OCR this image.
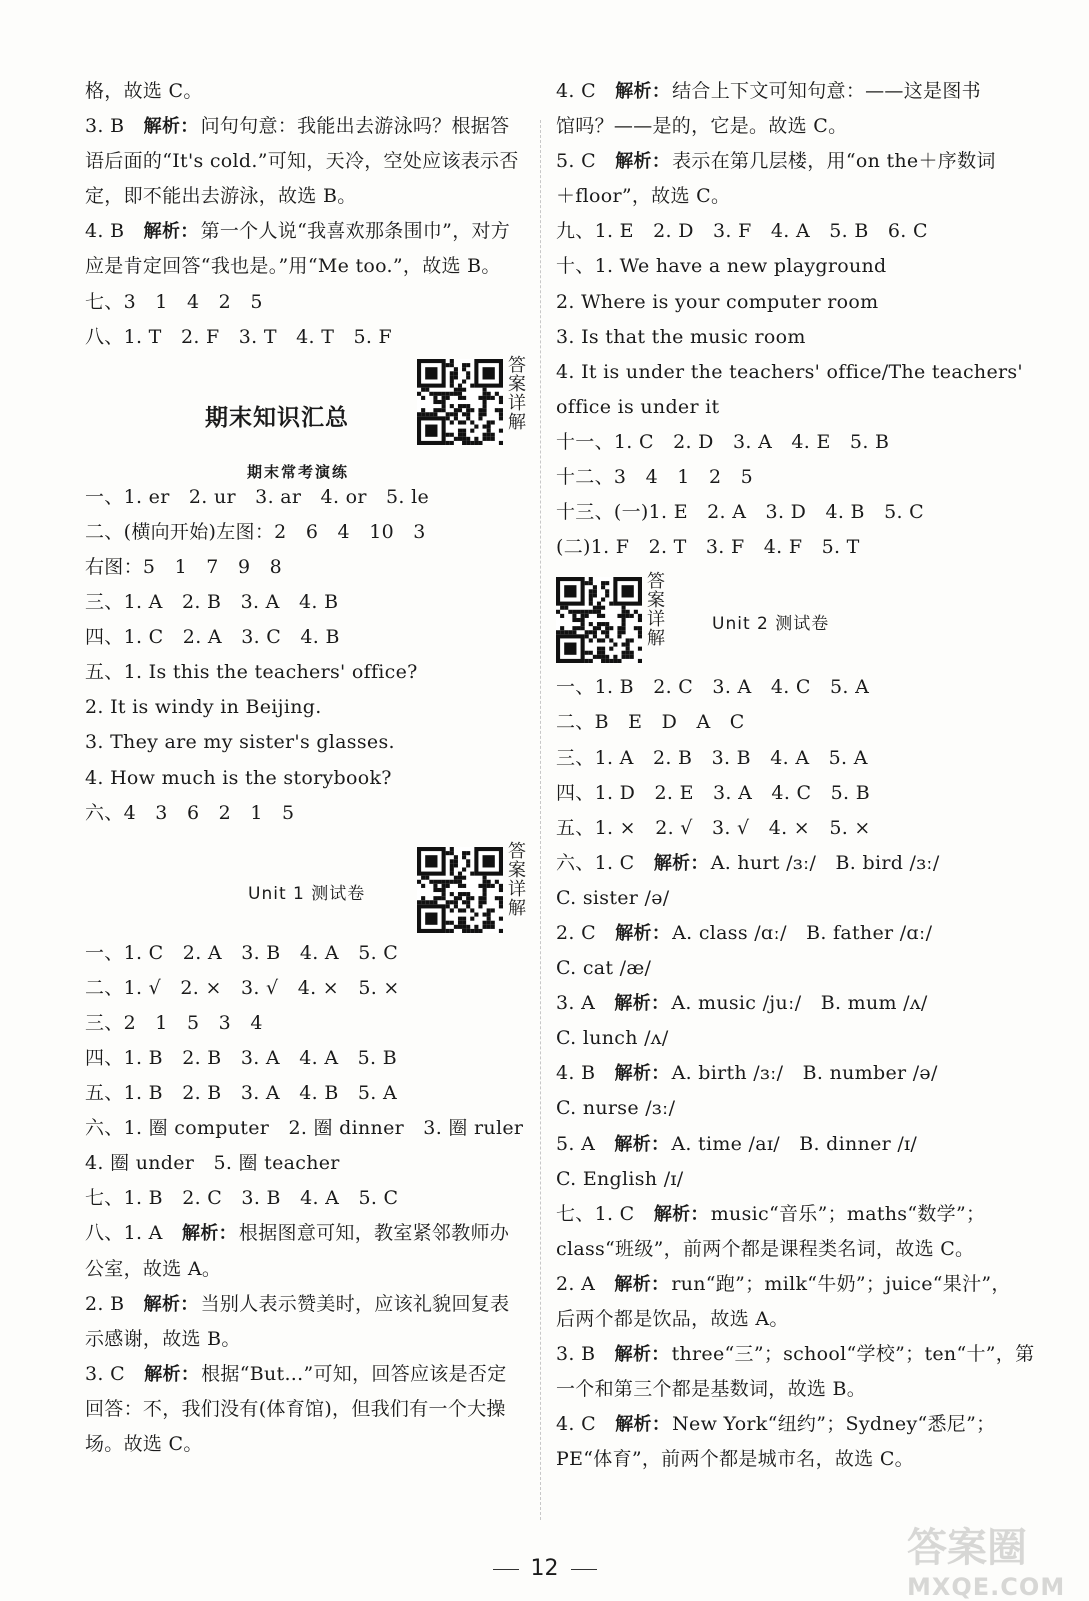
格，故选 C。
3. B　 解析： 问句句意：我能出去游泳吗？根据答
语后面的“It's cold.”可知，天冷，空处应该表示否
定，即不能出去游泳，故选 B。
4. B　 解析： 第一个人说“我喜欢那条围巾”，对方
应是肯定回答“我也是。”用“Me too.”，故选 B。
七、3　1　4　2　5
八、1. T　2. F　3. T　4. T　5. F
期末知识汇总	答案详解
期末常考演练
一、1. er　2. ur　3. ar　4. or　5. le
二、(横向开始)左图：2　6　4　10　3
右图：5　1　7　9　8
三、1. A　2. B　3. A　4. B
四、1. C　2. A　3. C　4. B
五、1. Is this the teachers' office?
2. It is windy in Beijing.
3. They are my sister's glasses.
4. How much is the storybook?
六、4　3　6　2　1　5
Unit 1 测试卷	答案详解
一、1. C　2. A　3. B　4. A　5. C
二、1. √　2. ×　3. √　4. ×　5. ×
三、2　1　5　3　4
四、1. B　2. B　3. A　4. A　5. B
五、1. B　2. B　3. A　4. B　5. A
六、1. 圈 computer　2. 圈 dinner　3. 圈 ruler
4. 圈 under　5. 圈 teacher
七、1. B　2. C　3. B　4. A　5. C
八、1. A　 解析： 根据图意可知，教室紧邻教师办
公室，故选 A。
2. B　 解析： 当别人表示赞美时，应该礼貌回复表
示感谢，故选 B。
3. C　 解析： 根据“But...”可知，回答应该是否定
回答：不，我们没有(体育馆)，但我们有一个大操
场。故选 C。
4. C　 解析： 结合上下文可知句意：——这是图书
馆吗？——是的，它是。故选 C。
5. C　 解析： 表示在第几层楼，用“on the＋序数词
＋floor”，故选 C。
九、1. E　2. D　3. F　4. A　5. B　6. C
十、1. We have a new playground
2. Where is your computer room
3. Is that the music room
4. It is under the teachers' office/The teachers'
office is under it
十一、1. C　2. D　3. A　4. E　5. B
十二、3　4　1　2　5
十三、(一)1. E　2. A　3. D　4. B　5. C
(二)1. F　2. T　3. F　4. F　5. T
答案详解	Unit 2 测试卷
一、1. B　2. C　3. A　4. C　5. A
二、B　E　D　A　C
三、1. A　2. B　3. B　4. A　5. A
四、1. D　2. E　3. A　4. C　5. B
五、1. ×　2. √　3. √　4. ×　5. ×
六、1. C　 解析： A. hurt /ɜː/　B. bird /ɜː/
C. sister /ə/
2. C　 解析： A. class /ɑː/　B. father /ɑː/
C. cat /æ/
3. A　 解析： A. music /juː/　B. mum /ʌ/
C. lunch /ʌ/
4. B　 解析： A. birth /ɜː/　B. number /ə/
C. nurse /ɜː/
5. A　 解析： A. time /aɪ/　B. dinner /ɪ/
C. English /ɪ/
七、1. C　 解析： music“音乐”；maths“数学”；
class“班级”，前两个都是课程类名词，故选 C。
2. A　 解析： run“跑”；milk“牛奶”；juice“果汁”，
后两个都是饮品，故选 A。
3. B　 解析： three“三”；school“学校”；ten“十”，第
一个和第三个都是基数词，故选 B。
4. C　 解析： New York“纽约”；Sydney“悉尼”；
PE“体育”，前两个都是城市名，故选 C。
12	答案圈
MXQE.COM
